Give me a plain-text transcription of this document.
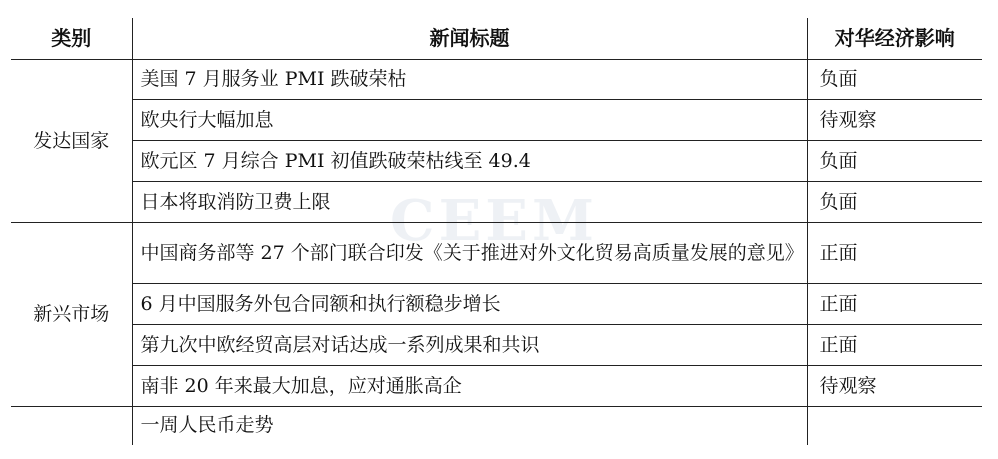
CEEM
类别	新闻标题	对华经济影响
发达国家	美国 7 月服务业 PMI 跌破荣枯	负面
	欧央行大幅加息	待观察
	欧元区 7 月综合 PMI 初值跌破荣枯线至 49.4	负面
	日本将取消防卫费上限	负面
新兴市场	中国商务部等 27 个部门联合印发《关于推进对外文化贸易高质量发展的意见》	正面
	6 月中国服务外包合同额和执行额稳步增长	正面
	第九次中欧经贸高层对话达成一系列成果和共识	正面
	南非 20 年来最大加息，应对通胀高企	待观察
	一周人民币走势	
